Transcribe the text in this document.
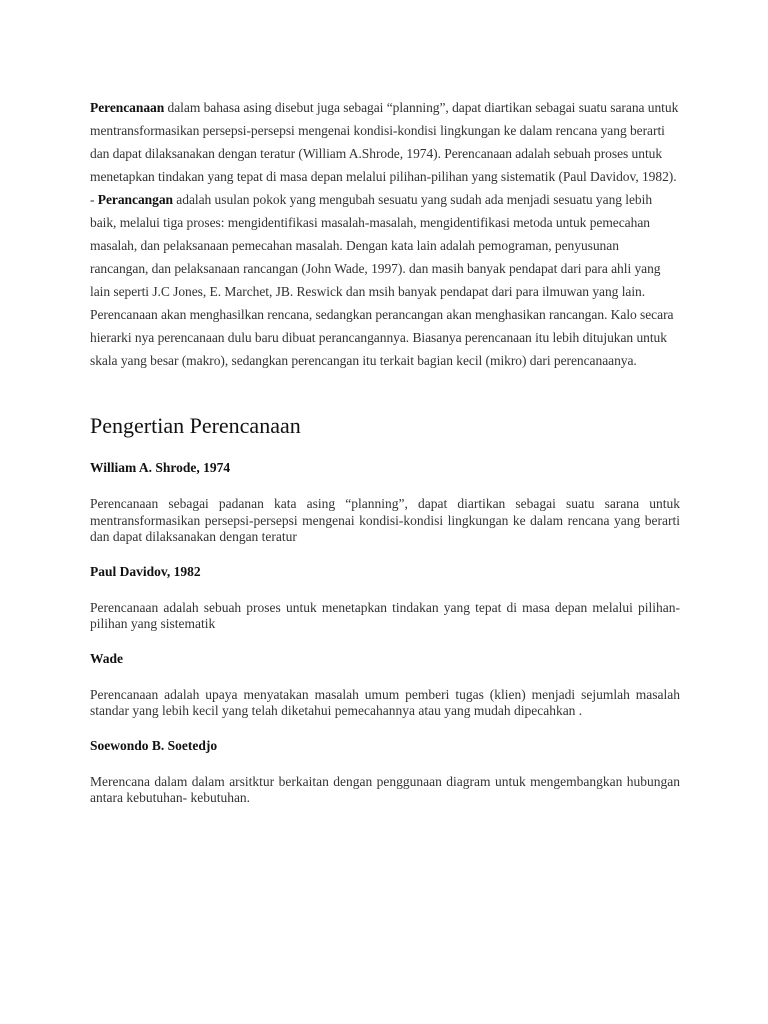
Perencanaan dalam bahasa asing disebut juga sebagai “planning”, dapat diartikan sebagai suatu sarana untuk mentransformasikan persepsi-persepsi mengenai kondisi-kondisi lingkungan ke dalam rencana yang berarti dan dapat dilaksanakan dengan teratur (William A.Shrode, 1974). Perencanaan adalah sebuah proses untuk menetapkan tindakan yang tepat di masa depan melalui pilihan-pilihan yang sistematik (Paul Davidov, 1982).

- Perancangan adalah usulan pokok yang mengubah sesuatu yang sudah ada menjadi sesuatu yang lebih baik, melalui tiga proses: mengidentifikasi masalah-masalah, mengidentifikasi metoda untuk pemecahan masalah, dan pelaksanaan pemecahan masalah. Dengan kata lain adalah pemograman, penyusunan rancangan, dan pelaksanaan rancangan (John Wade, 1997). dan masih banyak pendapat dari para ahli yang lain seperti J.C Jones, E. Marchet, JB. Reswick dan msih banyak pendapat dari para ilmuwan yang lain.

Perencanaan akan menghasilkan rencana, sedangkan perancangan akan menghasikan rancangan. Kalo secara hierarki nya perencanaan dulu baru dibuat perancangannya. Biasanya perencanaan itu lebih ditujukan untuk skala yang besar (makro), sedangkan perencangan itu terkait bagian kecil (mikro) dari perencanaanya.

Pengertian Perencanaan

William A. Shrode, 1974

Perencanaan sebagai padanan kata asing “planning”, dapat diartikan sebagai suatu sarana untuk mentransformasikan persepsi-persepsi mengenai kondisi-kondisi lingkungan ke dalam rencana yang berarti dan dapat dilaksanakan dengan teratur

Paul Davidov, 1982

Perencanaan adalah sebuah proses untuk menetapkan tindakan yang tepat di masa depan melalui pilihan-pilihan yang sistematik

Wade

Perencanaan adalah upaya menyatakan masalah umum pemberi tugas (klien) menjadi sejumlah masalah standar yang lebih kecil yang telah diketahui pemecahannya atau yang mudah dipecahkan .

Soewondo B. Soetedjo

Merencana dalam dalam arsitktur berkaitan dengan penggunaan diagram untuk mengembangkan hubungan antara kebutuhan- kebutuhan.
